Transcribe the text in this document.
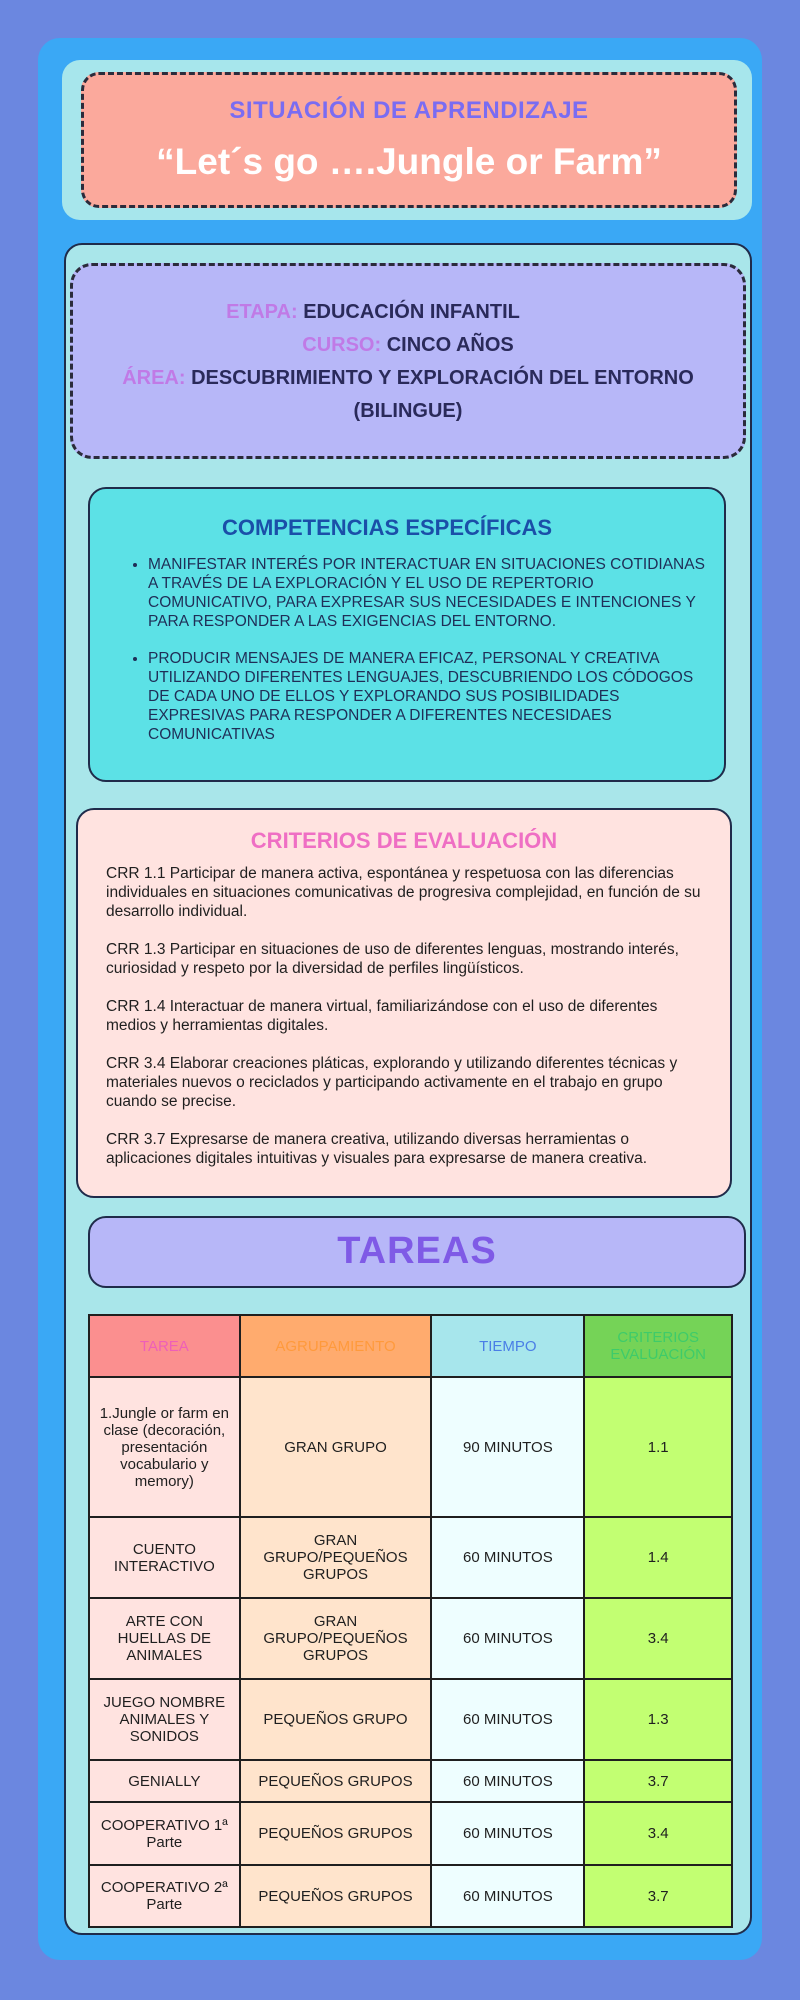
SITUACIÓN DE APRENDIZAJE
“Let´s go ….Jungle or Farm”
ETAPA: EDUCACIÓN INFANTIL
CURSO: CINCO AÑOS
ÁREA: DESCUBRIMIENTO Y EXPLORACIÓN DEL ENTORNO
(BILINGUE)
COMPETENCIAS ESPECÍFICAS
• MANIFESTAR INTERÉS POR INTERACTUAR EN SITUACIONES COTIDIANAS A TRAVÉS DE LA EXPLORACIÓN Y EL USO DE REPERTORIO COMUNICATIVO, PARA EXPRESAR SUS NECESIDADES E INTENCIONES Y PARA RESPONDER A LAS EXIGENCIAS DEL ENTORNO.
• PRODUCIR MENSAJES DE MANERA EFICAZ, PERSONAL Y CREATIVA UTILIZANDO DIFERENTES LENGUAJES, DESCUBRIENDO LOS CÓDOGOS DE CADA UNO DE ELLOS Y EXPLORANDO SUS POSIBILIDADES EXPRESIVAS PARA RESPONDER A DIFERENTES NECESIDAES COMUNICATIVAS
CRITERIOS DE EVALUACIÓN

CRR 1.1 Participar de manera activa, espontánea y respetuosa con las diferencias individuales en situaciones comunicativas de progresiva complejidad, en función de su desarrollo individual.

CRR 1.3 Participar en situaciones de uso de diferentes lenguas, mostrando interés, curiosidad y respeto por la diversidad de perfiles lingüísticos.

CRR 1.4 Interactuar de manera virtual, familiarizándose con el uso de diferentes medios y herramientas digitales.

CRR 3.4 Elaborar creaciones pláticas, explorando y utilizando diferentes técnicas y materiales nuevos o reciclados y participando activamente en el trabajo en grupo cuando se precise.

CRR 3.7 Expresarse de manera creativa, utilizando diversas herramientas o aplicaciones digitales intuitivas y visuales para expresarse de manera creativa.

TAREAS
TAREA	AGRUPAMIENTO	TIEMPO	CRITERIOS EVALUACIÓN
1.Jungle or farm en clase (decoración, presentación vocabulario y memory)	GRAN GRUPO	90 MINUTOS	1.1
CUENTO INTERACTIVO	GRAN GRUPO/PEQUEÑOS GRUPOS	60 MINUTOS	1.4
ARTE CON HUELLAS DE ANIMALES	GRAN GRUPO/PEQUEÑOS GRUPOS	60 MINUTOS	3.4
JUEGO NOMBRE ANIMALES Y SONIDOS	PEQUEÑOS GRUPO	60 MINUTOS	1.3
GENIALLY	PEQUEÑOS GRUPOS	60 MINUTOS	3.7
COOPERATIVO 1ª Parte	PEQUEÑOS GRUPOS	60 MINUTOS	3.4
COOPERATIVO 2ª Parte	PEQUEÑOS GRUPOS	60 MINUTOS	3.7
